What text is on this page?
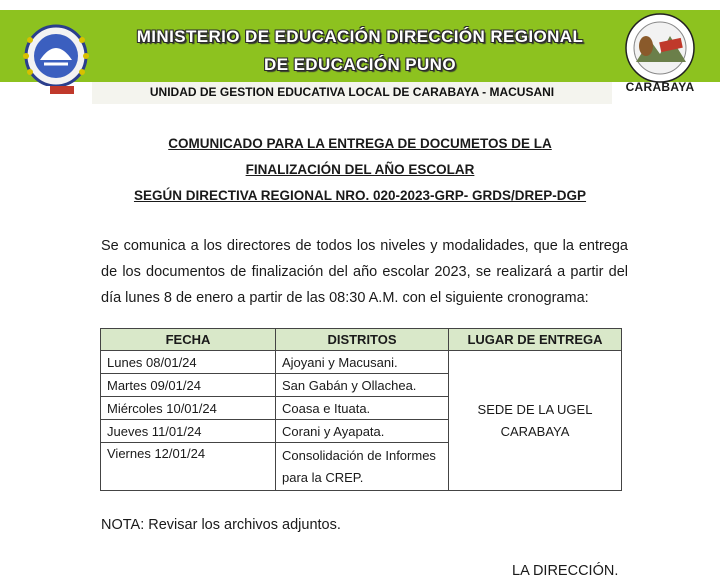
CARABAYA
MINISTERIO DE EDUCACIÓN DIRECCIÓN REGIONAL
DE EDUCACIÓN PUNO
UNIDAD DE GESTION EDUCATIVA LOCAL DE CARABAYA - MACUSANI
COMUNICADO PARA LA ENTREGA DE DOCUMETOS DE LA
FINALIZACIÓN DEL AÑO ESCOLAR
SEGÚN DIRECTIVA REGIONAL NRO. 020-2023-GRP- GRDS/DREP-DGP
Se comunica a los directores de todos los niveles y modalidades, que la entrega de los documentos de finalización del año escolar 2023, se realizará a partir del día lunes 8 de enero a partir de las 08:30 A.M. con el siguiente cronograma:
FECHA	DISTRITOS	LUGAR DE ENTREGA
Lunes 08/01/24	Ajoyani y Macusani.	SEDE DE LA UGEL
CARABAYA
Martes 09/01/24	San Gabán y Ollachea.	
Miércoles 10/01/24	Coasa e Ituata.	
Jueves 11/01/24	Corani y Ayapata.	
Viernes 12/01/24	Consolidación de Informes para la CREP.	
NOTA: Revisar los archivos adjuntos.
LA DIRECCIÓN.
